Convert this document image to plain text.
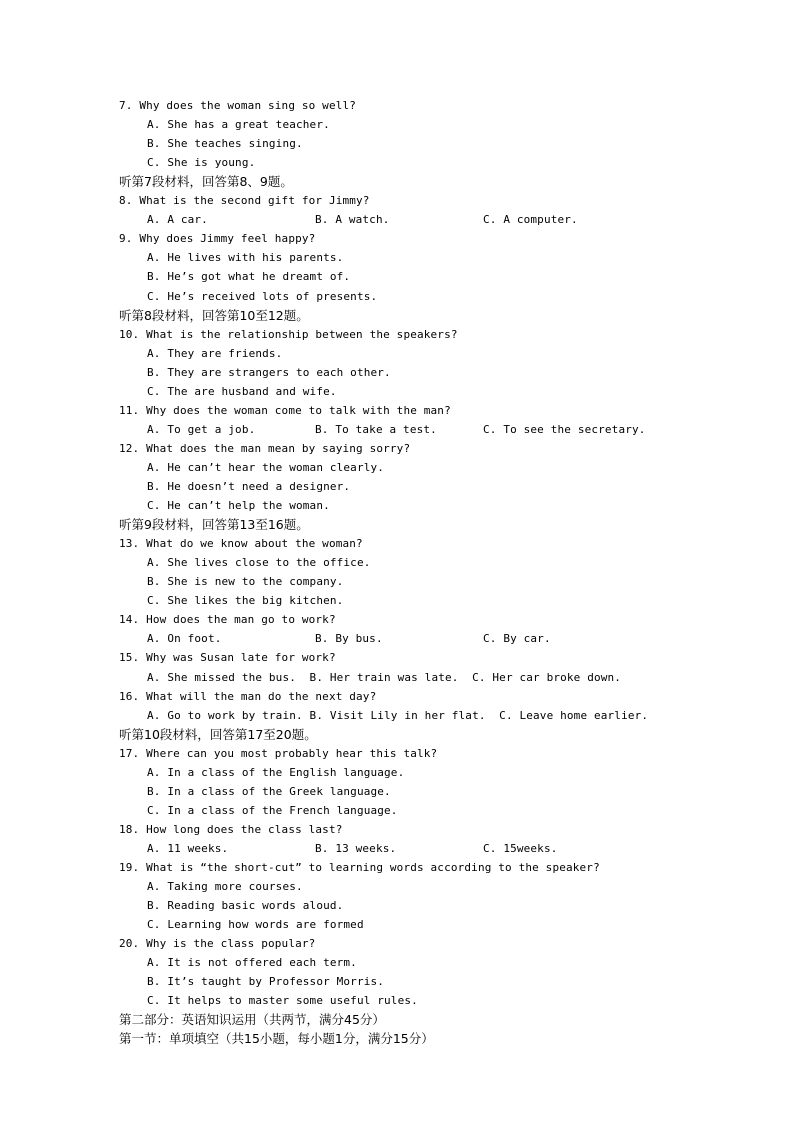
7. Why does the woman sing so well?
A. She has a great teacher.
B. She teaches singing.
C. She is young.
听第7段材料，回答第8、9题。
8. What is the second gift for Jimmy?
A. A car.	B. A watch.	C. A computer.
9. Why does Jimmy feel happy?
A. He lives with his parents.
B. He’s got what he dreamt of.
C. He’s received lots of presents.
听第8段材料，回答第10至12题。
10. What is the relationship between the speakers?
A. They are friends.
B. They are strangers to each other.
C. The are husband and wife.
11. Why does the woman come to talk with the man?
A. To get a job.	B. To take a test.	C. To see the secretary.
12. What does the man mean by saying sorry?
A. He can’t hear the woman clearly.
B. He doesn’t need a designer.
C. He can’t help the woman.
听第9段材料，回答第13至16题。
13. What do we know about the woman?
A. She lives close to the office.
B. She is new to the company.
C. She likes the big kitchen.
14. How does the man go to work?
A. On foot.	B. By bus.	C. By car.
15. Why was Susan late for work?
A. She missed the bus.  B. Her train was late.  C. Her car broke down.
16. What will the man do the next day?
A. Go to work by train. B. Visit Lily in her flat.  C. Leave home earlier.
听第10段材料，回答第17至20题。
17. Where can you most probably hear this talk?
A. In a class of the English language.
B. In a class of the Greek language.
C. In a class of the French language.
18. How long does the class last?
A. 11 weeks.	B. 13 weeks.	C. 15weeks.
19. What is “the short-cut” to learning words according to the speaker?
A. Taking more courses.
B. Reading basic words aloud.
C. Learning how words are formed
20. Why is the class popular?
A. It is not offered each term.
B. It’s taught by Professor Morris.
C. It helps to master some useful rules.
第二部分：英语知识运用（共两节，满分45分）
第一节：单项填空（共15小题，每小题1分，满分15分）
